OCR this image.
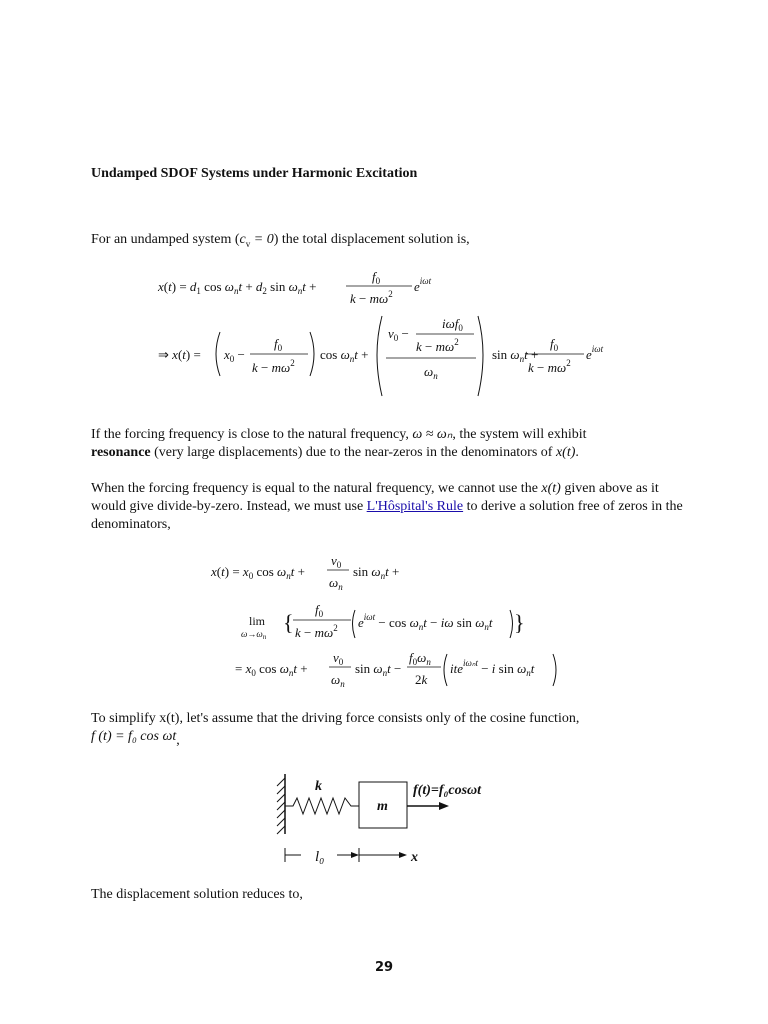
Undamped SDOF Systems under Harmonic Excitation

For an undamped system $(c_v = 0)$ the total displacement solution is,

$x(t) = d_1$ $\cos \omega_nt + d_2$ $\sin \omega_nt$ +
$f_0$
$k - m\omega^2$ $e^{i\omega t}$
⇒ $x(t) = x_0$ −
$f_0$
$k - m\omega^2$
$\cos \omega_nt$ +
$v_0$ −
iωf$_0$
$k - m\omega^2$
$\omega_n$
$\sin \omega_nt$ +
$f_0$
$k - m\omega^2$
$e^{i\omega t}$

If the forcing frequency is close to the natural frequency, ω ≈ ωₙ, the system will exhibit
resonance (very large displacements) due to the near-zeros in the denominators of x(t).

When the forcing frequency is equal to the natural frequency, we cannot use the x(t) given above as it would give divide-by-zero. Instead, we must use L'Hôspital's Rule to derive a solution free of zeros in the denominators,

$x(t) = x_0$ $\cos \omega_nt$ +
$v_0$
$\omega_n$
$\sin \omega_nt$ +
lim
$\omega\to\omega_n$
{
$f_0$
$k - m\omega^2$ $e^{i\omega t} - \cos \omega_nt - i\omega$ $\sin \omega_nt$ }
= $x_0$ $\cos \omega_nt$ +
$v_0$
$\omega_n$
$\sin \omega_nt$ −
$f_0\omega_n$
2k
ite$^{i\omega_nt}$ − i $\sin \omega_nt$

To simplify x(t), let's assume that the driving force consists only of the cosine function,
f (t) = f₀ cos ωt,

k
m
f(t)=f₀cosωt
l₀	x

The displacement solution reduces to,

29
